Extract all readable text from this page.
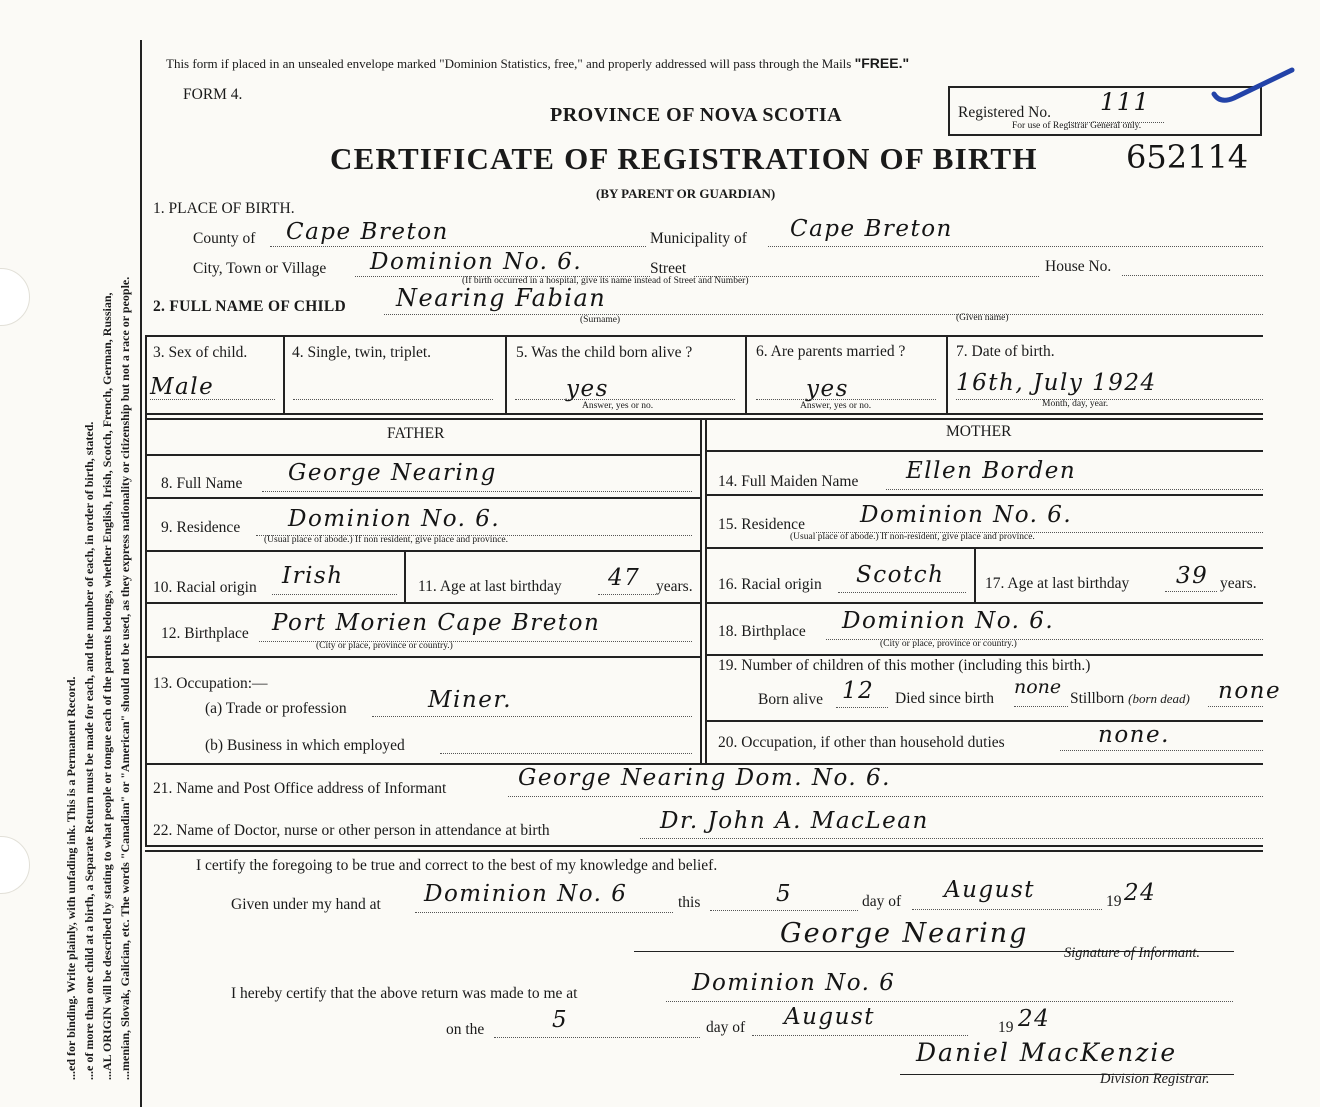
...ed for binding. Write plainly, with unfading ink. This is a Permanent Record. ...e of more than one child at a birth, a Separate Return must be made for each, and the number of each, in order of birth, stated. ...AL ORIGIN will be described by stating to what people or tongue each of the parents belongs, whether English, Irish, Scotch, French, German, Russian, ...menian, Slovak, Galician, etc. The words "Canadian" or "American" should not be used, as they express nationality or citizenship but not a race or people.
This form if placed in an unsealed envelope marked "Dominion Statistics, free," and properly addressed will pass through the Mails "FREE."
FORM 4.
PROVINCE OF NOVA SCOTIA
CERTIFICATE OF REGISTRATION OF BIRTH
(BY PARENT OR GUARDIAN)
Registered No. 111
For use of Registrar General only.
652114
1. PLACE OF BIRTH.
County of Cape Breton	Municipality of Cape Breton
City, Town or Village Dominion No. 6.	Street	House No.
(If birth occurred in a hospital, give its name instead of Street and Number)
2. FULL NAME OF CHILD Nearing Fabian
(Surname)	(Given name)
3. Sex of child.
Male
4. Single, twin, triplet.	5. Was the child born alive ?
yes
Answer, yes or no.
6. Are parents married ?
yes
Answer, yes or no.
7. Date of birth.
16th, July 1924
Month, day, year.
FATHER	MOTHER
8. Full Name George Nearing	14. Full Maiden Name Ellen Borden
9. Residence Dominion No. 6.
(Usual place of abode.) If non resident, give place and province.
15. Residence Dominion No. 6.
(Usual place of abode.) If non-resident, give place and province.
10. Racial origin Irish	11. Age at last birthday 47 years. 16. Racial origin Scotch	17. Age at last birthday 39 years.
12. Birthplace Port Morien Cape Breton
(City or place, province or country.)
18. Birthplace Dominion No. 6.
(City or place, province or country.)
13. Occupation:—
(a) Trade or profession	Miner.
(b) Business in which employed
19. Number of children of this mother (including this birth.)
Born alive 12 Died since birth
none
Stillborn (born dead) none
20. Occupation, if other than household duties	none.
21. Name and Post Office address of Informant	George Nearing Dom. No. 6.
22. Name of Doctor, nurse or other person in attendance at birth	Dr. John A. MacLean
I certify the foregoing to be true and correct to the best of my knowledge and belief.
Given under my hand at Dominion No. 6	this	5	day of August	19 24
George Nearing
Signature of Informant.
I hereby certify that the above return was made to me at	Dominion No. 6
on the	5	day of August	19 24
Daniel MacKenzie
Division Registrar.
